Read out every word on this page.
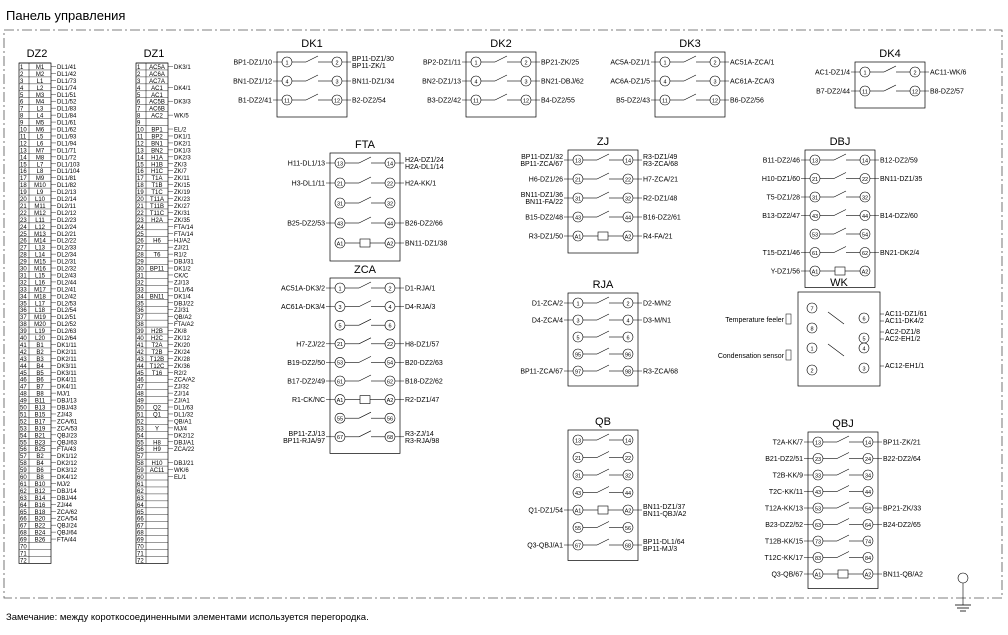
Панель управления
Замечание: между короткосоединенными элементами используется перегородка.
DZ2
1 M1 DL1/41
2 M2 DL1/42
3 L1 DL1/73
4 L2 DL1/74
5 M3 DL1/51
6 M4 DL1/52
7 L3 DL1/83
8 L4 DL1/84
9 M5 DL1/61
10 M6 DL1/62
11 L5 DL1/93
12 L6 DL1/94
13 M7 DL1/71
14 M8 DL1/72
15 L7 DL1/103
16 L8 DL1/104
17 M9 DL1/81
18 M10 DL1/82
19 L9 DL2/13
20 L10 DL2/14
21 M11 DL2/11
22 M12 DL2/12
23 L11 DL2/23
24 L12 DL2/24
25 M13 DL2/21
26 M14 DL2/22
27 L13 DL2/33
28 L14 DL2/34
29 M15 DL2/31
30 M16 DL2/32
31 L15 DL2/43
32 L16 DL2/44
33 M17 DL2/41
34 M18 DL2/42
35 L17 DL2/53
36 L18 DL2/54
37 M19 DL2/51
38 M20 DL2/52
39 L19 DL2/63
40 L20 DL2/64
41 B1 DK1/11
42 B2 DK2/11
43 B3 DK2/11
44 B4 DK3/11
45 B5 DK3/11
46 B6 DK4/11
47 B7 DK4/11
48 B8 MJ/1
49 B11 DBJ/13
50 B13 DBJ/43
51 B15 ZJ/43
52 B17 ZCA/61
53 B19 ZCA/53
54 B21 QBJ/23
55 B23 QBJ/63
56 B25 FTA/43
57 B2 DK1/12
58 B4 DK2/12
59 B6 DK3/12
60 B8 DK4/12
61 B10 MJ/2
62 B12 DBJ/14
63 B14 DBJ/44
64 B16 ZJ/44
65 B18 ZCA/62
66 B20 ZCA/54
67 B22 QBJ/24
68 B24 QBJ/64
69 B26 FTA/44
70
71
72
DZ1
1 AC5A DK3/1
2 AC6A
3 AC7A
4 AC1 DK4/1
5 AC1
6 AC5B DK3/3
7 AC6B
8 AC2 WK/5
9
10 BP1 EL/2
11 BP2 DK1/1
12 BN1 DK2/1
13 BN2 DK1/3
14 H1A DK2/3
15 H1B ZK/3
16 H1C ZK/7
17 T1A ZK/11
18 T1B ZK/15
19 T1C ZK/19
20 T11A ZK/23
21 T11B ZK/27
22 T11C ZK/31
23 H2A ZK/35
24	FTA/14
25	FTA/14
26 H6 HJ/A2
27	ZJ/21
28 T6 R1/2
29	DBJ/31
30 BP11 DK1/2
31	CK/C
32	ZJ/13
33	DL1/64
34 BN11 DK1/4
35	DBJ/22
36	ZJ/31
37	QB/A2
38	FTA/A2
39 H2B ZK/8
40 H2C ZK/12
41 T2A ZK/20
42 T2B ZK/24
43 T12B ZK/28
44 T12C ZK/36
45 T16 R2/2
46	ZCA/A2
47	ZJ/32
48	ZJ/14
49	ZJ/A1
50 Q2 DL1/63
51 Q1 DL1/32
52	QB/A1
53 Y MJ/4
54	DK2/12
55 H8 DBJ/A1
56 H9 ZCA/22
57
58 H10 DBJ/21
59 AC11 WK/6
60	EL/1
61
62
63
64
65
66
67
68
69
70
71
72
DK1
1	2
BP1-DZ1/10	BP11-DZ1/30
BP11-ZK/1
4	3
BN1-DZ1/12	BN11-DZ1/34
11	12
B1-DZ2/41	B2-DZ2/54
DK2
1	2
BP2-DZ1/11	BP21-ZK/25
4	3
BN2-DZ1/13	BN21-DBJ/62
11	12
B3-DZ2/42	B4-DZ2/55
DK3
1	2
AC5A-DZ1/1	AC51A-ZCA/1
4	3
AC6A-DZ1/5	AC61A-ZCA/3
11	12
B5-DZ2/43	B6-DZ2/56
DK4
1	2
AC1-DZ1/4	AC11-WK/6
11	12
B7-DZ2/44	B8-DZ2/57
FTA
13	14
H11-DL1/13	H2A-DZ1/24
H2A-DL1/14
21	22
H3-DL1/11	H2A-KK/1
31	32
43	44
B25-DZ2/53	B26-DZ2/66
A1	A2 BN11-DZ1/38
ZJ
13	14
BP11-DZ1/32
BP11-ZCA/67
R3-DZ1/49
R3-ZCA/68
21	22
H6-DZ1/26	H7-ZCA/21
31	32
BN11-DZ1/36
BN11-FA/22	R2-DZ1/48
43	44
B15-DZ2/48	B16-DZ2/61
A1	A2
R3-DZ1/50	R4-FA/21
DBJ
13	14
B11-DZ2/46	B12-DZ2/59
21	22
H10-DZ1/60	BN11-DZ1/35
31	32
T5-DZ1/28
43	44
B13-DZ2/47	B14-DZ2/60
53	54
61	62
T15-DZ1/46	BN21-DK2/4
A1	A2
Y-DZ1/56
ZCA
1	2
AC51A-DK3/2	D1-RJA/1
3	4
AC61A-DK3/4	D4-RJA/3
5	6
21	22
H7-ZJ/22	H8-DZ1/57
53	54
B19-DZ2/50	B20-DZ2/63
61	62
B17-DZ2/49	B18-DZ2/62
A1	A2
R1-CK/NC	R2-DZ1/47
55	56
67	68
BP11-ZJ/13
BP11-RJA/97
R3-ZJ/14
R3-RJA/98
RJA
1	2
D1-ZCA/2	D2-M/N2
3	4
D4-ZCA/4	D3-M/N1
5	6
95	96
97	98
BP11-ZCA/67	R3-ZCA/68
QB
13	14
21	22
31	32
43	44
A1	A2
Q1-DZ1/54	BN11-DZ1/37
BN11-QBJ/A2
55	56
67	68
Q3-QBJ/A1	BP11-DL1/64
BP11-MJ/3
QBJ
13	14
T2A-KK/7	BP11-ZK/21
23	24
B21-DZ2/51	B22-DZ2/64
33	34
T2B-KK/9
43	44
T2C-KK/11
53	54
T12A-KK/13	BP21-ZK/33
63	64
B23-DZ2/52	B24-DZ2/65
73	74
T12B-KK/15
83	84
T12C-KK/17
A1	A2
Q3-QB/67	BN11-QB/A2
WK
7
8
1
2
6
5
4
3
Temperature feeler
Condensation sensor
AC11-DZ1/61
AC11-DK4/2
AC2-DZ1/8
AC2-EH1/2
AC12-EH1/1
